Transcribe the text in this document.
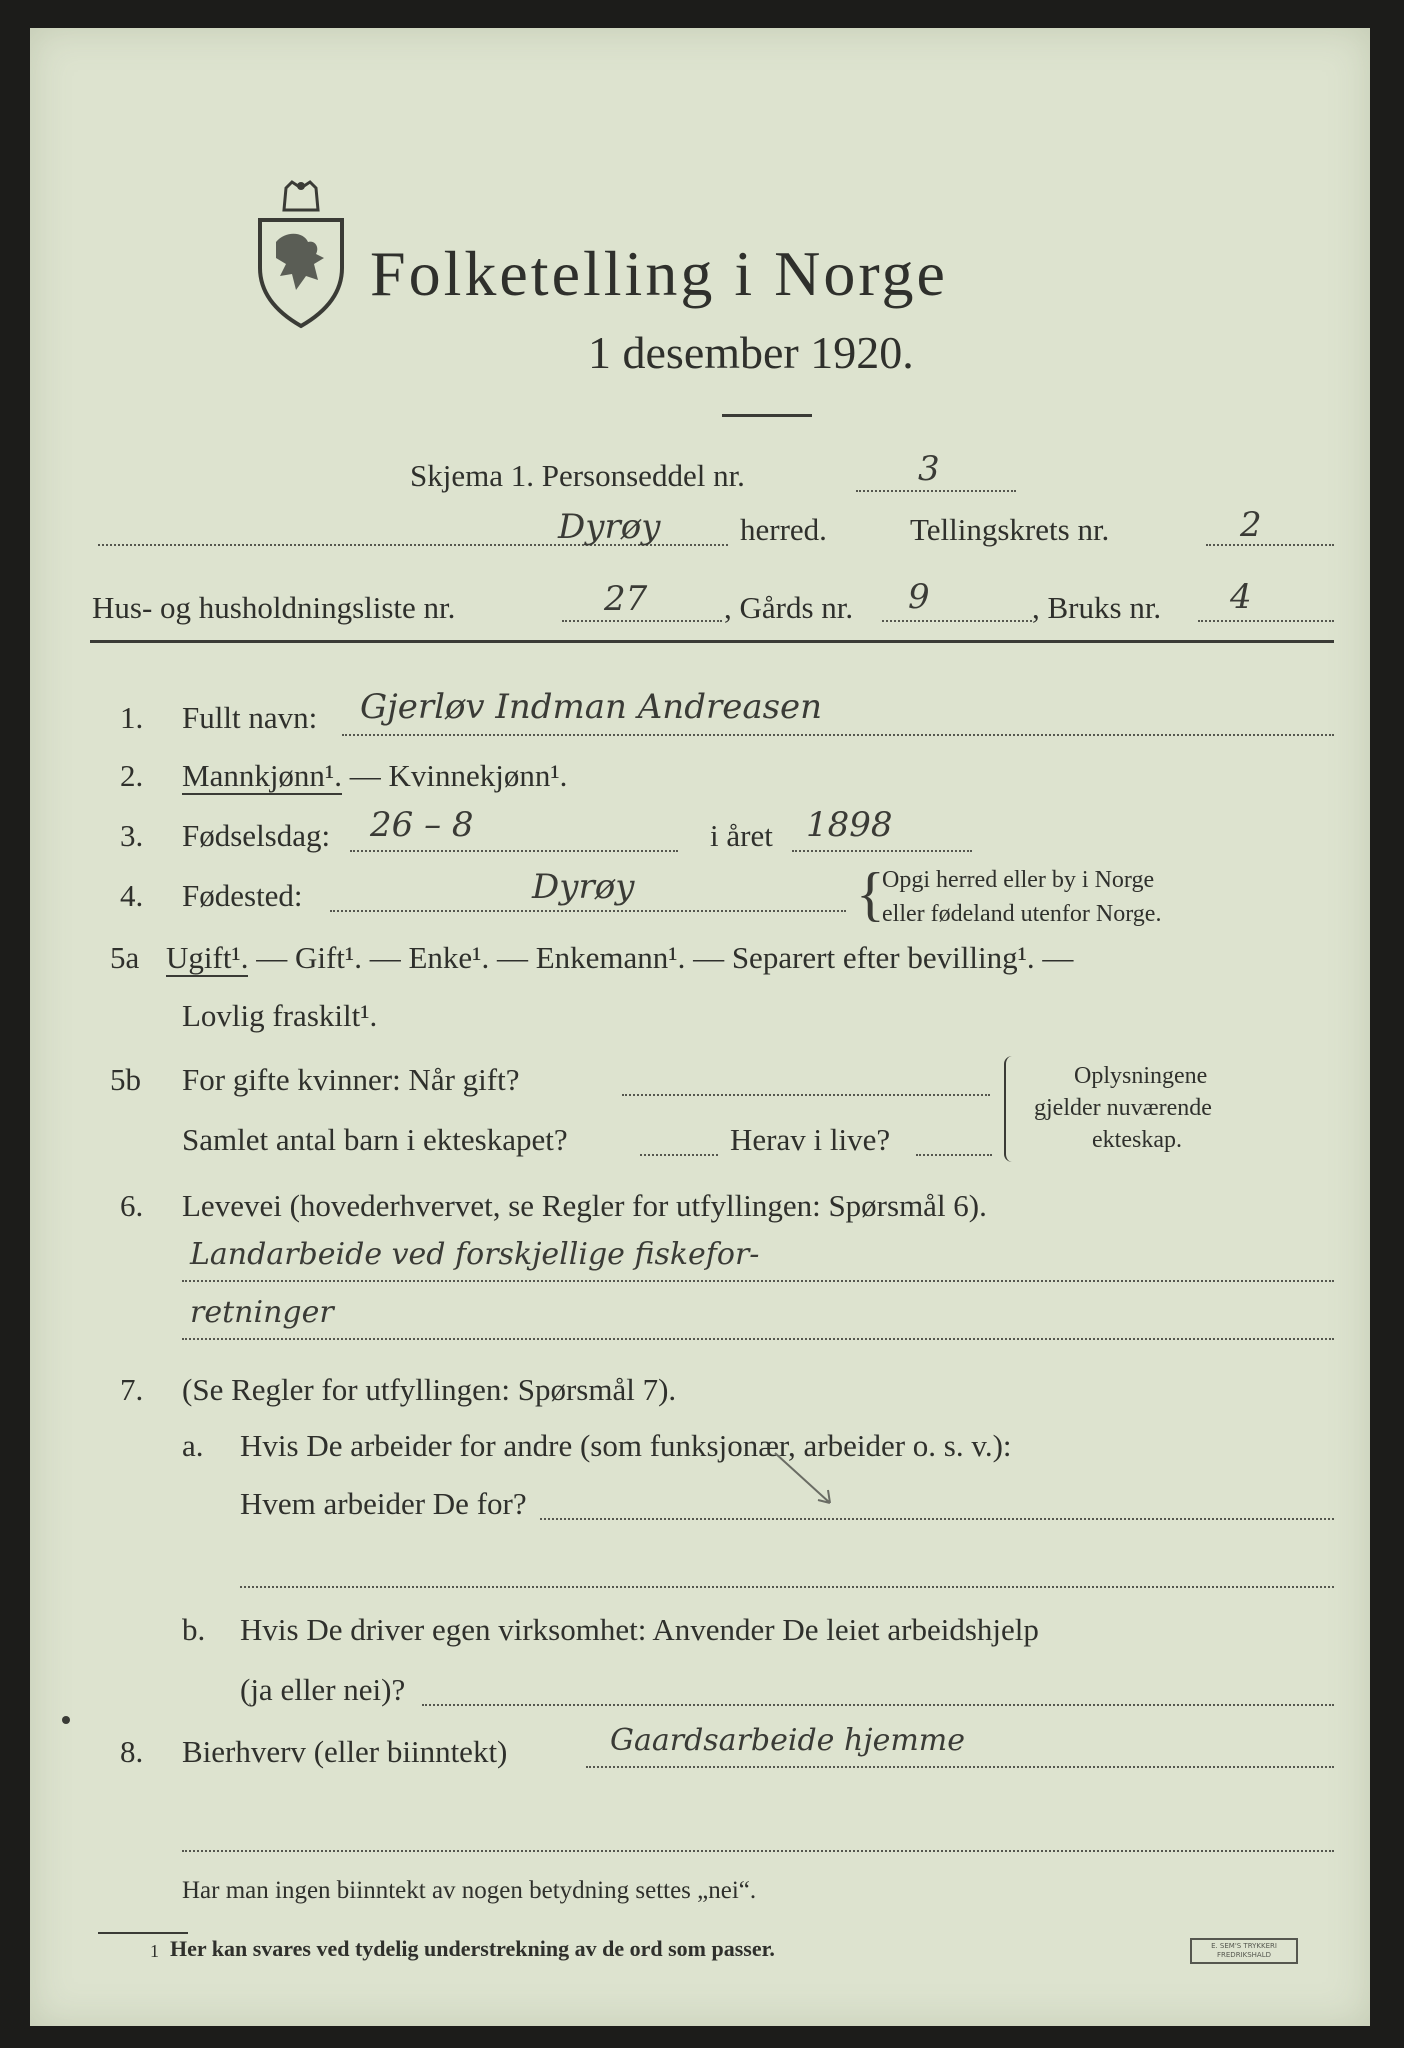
Folketelling i Norge
1 desember 1920.
Skjema 1. Personseddel nr.	3
Dyrøy	herred.	Tellingskrets nr.	2
Hus- og husholdningsliste nr.	27 , Gårds nr. 9	, Bruks nr. 4
1. Fullt navn: Gjerløv Indman Andreasen
2. Mannkjønn¹. — Kvinnekjønn¹.
3. Fødselsdag: 26 – 8	i året 1898
4. Fødested:	Dyrøy	{
Opgi herred eller by i Norge
eller fødeland utenfor Norge.
5a Ugift¹. — Gift¹. — Enke¹. — Enkemann¹. — Separert efter bevilling¹. —
Lovlig fraskilt¹.
5b For gifte kvinner: Når gift?
Samlet antal barn i ekteskapet?	Herav i live?
Oplysningene
gjelder nuværende
ekteskap.
6. Levevei (hovederhvervet, se Regler for utfyllingen: Spørsmål 6).
Landarbeide ved forskjellige fiskefor-
retninger
7. (Se Regler for utfyllingen: Spørsmål 7).
a. Hvis De arbeider for andre (som funksjonær, arbeider o. s. v.):
Hvem arbeider De for?
b. Hvis De driver egen virksomhet: Anvender De leiet arbeidshjelp
(ja eller nei)?
8. Bierhverv (eller biinntekt)	Gaardsarbeide hjemme
Har man ingen biinntekt av nogen betydning settes „nei“.
1 Her kan svares ved tydelig understrekning av de ord som passer.	E. SEM'S TRYKKERI
FREDRIKSHALD
